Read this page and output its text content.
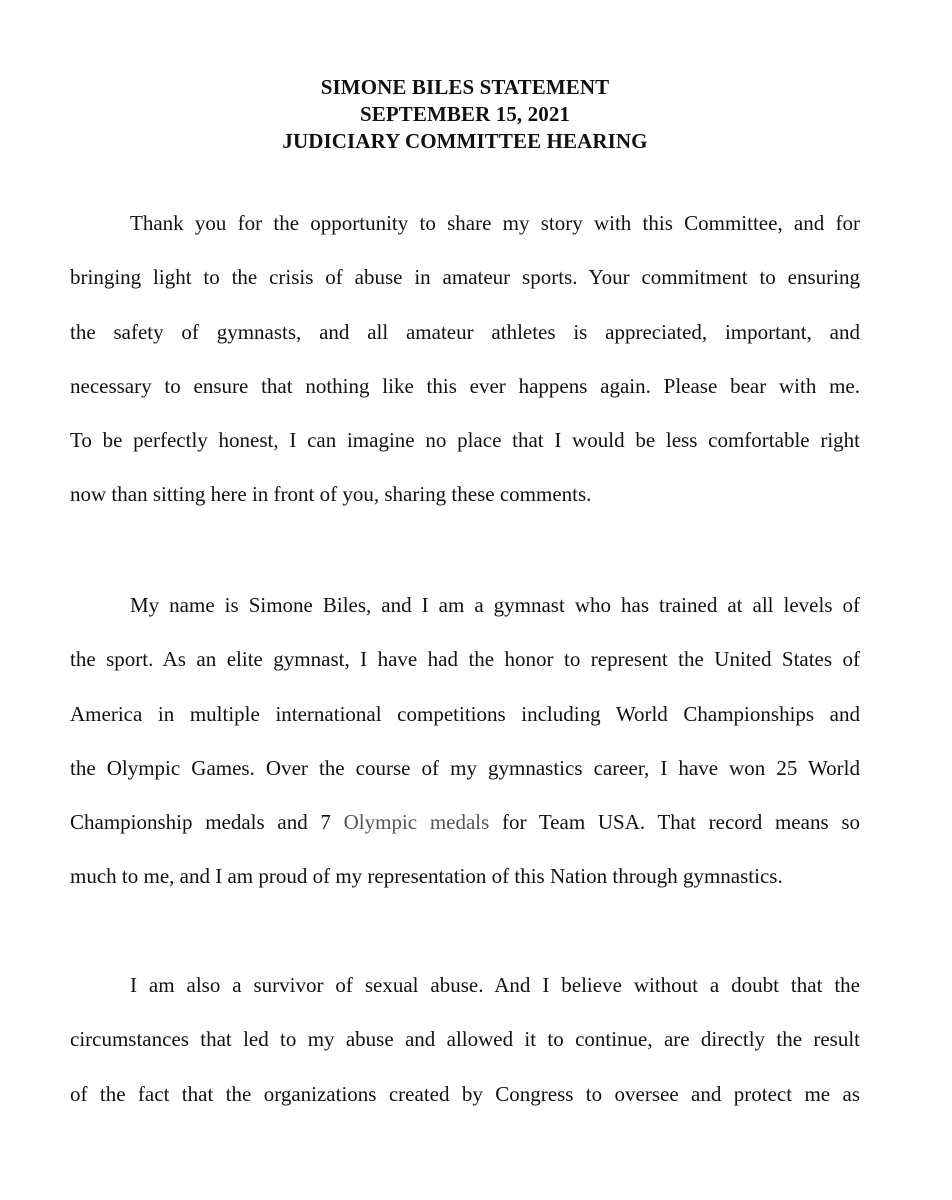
SIMONE BILES STATEMENT
SEPTEMBER 15, 2021
JUDICIARY COMMITTEE HEARING
Thank you for the opportunity to share my story with this Committee, and for
bringing light to the crisis of abuse in amateur sports. Your commitment to ensuring
the safety of gymnasts, and all amateur athletes is appreciated, important, and
necessary to ensure that nothing like this ever happens again. Please bear with me.
To be perfectly honest, I can imagine no place that I would be less comfortable right
now than sitting here in front of you, sharing these comments.
My name is Simone Biles, and I am a gymnast who has trained at all levels of
the sport. As an elite gymnast, I have had the honor to represent the United States of
America in multiple international competitions including World Championships and
the Olympic Games. Over the course of my gymnastics career, I have won 25 World
Championship medals and 7 Olympic medals for Team USA. That record means so
much to me, and I am proud of my representation of this Nation through gymnastics.
I am also a survivor of sexual abuse. And I believe without a doubt that the
circumstances that led to my abuse and allowed it to continue, are directly the result
of the fact that the organizations created by Congress to oversee and protect me as
